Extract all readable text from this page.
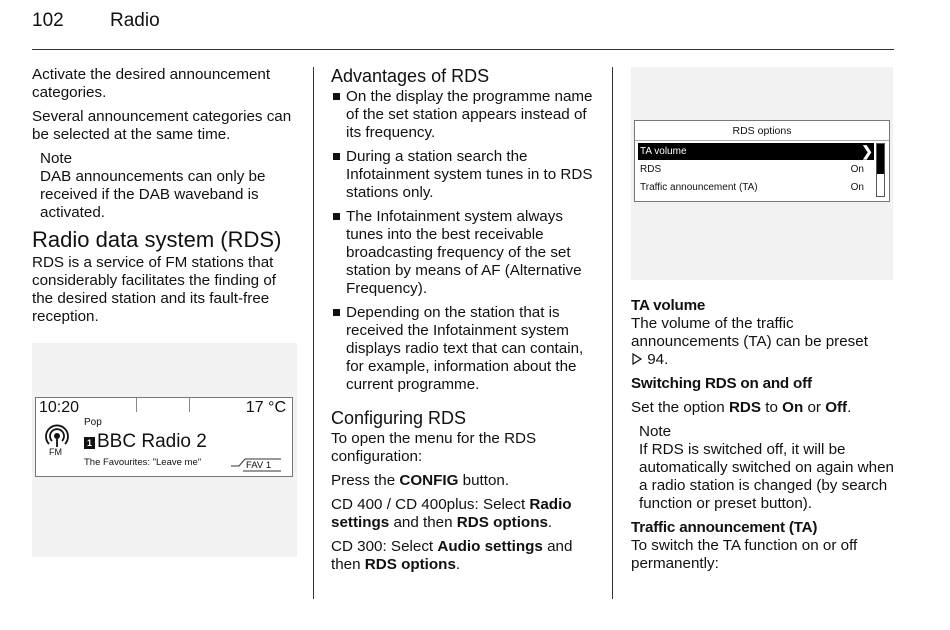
102 Radio

Activate the desired announcement categories.

Several announcement categories can be selected at the same time.

Note

DAB announcements can only be received if the DAB waveband is activated.

Radio data system (RDS)

RDS is a service of FM stations that considerably facilitates the finding of the desired station and its fault-free reception.

10:20	17 °C
Pop
FM
1 BBC Radio 2
The Favourites: "Leave me"	FAV 1
Advantages of RDS
On the display the programme name of the set station appears instead of its frequency.
During a station search the Infotainment system tunes in to RDS stations only.
The Infotainment system always tunes into the best receivable broadcasting frequency of the set station by means of AF (Alternative Frequency).
Depending on the station that is received the Infotainment system displays radio text that can contain, for example, information about the current programme.
Configuring RDS

To open the menu for the RDS configuration:

Press the CONFIG button.

CD 400 / CD 400plus: Select Radio settings and then RDS options.

CD 300: Select Audio settings and then RDS options.

RDS options
TA volume	❯
RDS	On
Traffic announcement (TA)	On

TA volume

The volume of the traffic announcements (TA) can be preset
94.

Switching RDS on and off

Set the option RDS to On or Off.

Note

If RDS is switched off, it will be automatically switched on again when a radio station is changed (by search function or preset button).

Traffic announcement (TA)

To switch the TA function on or off permanently:
